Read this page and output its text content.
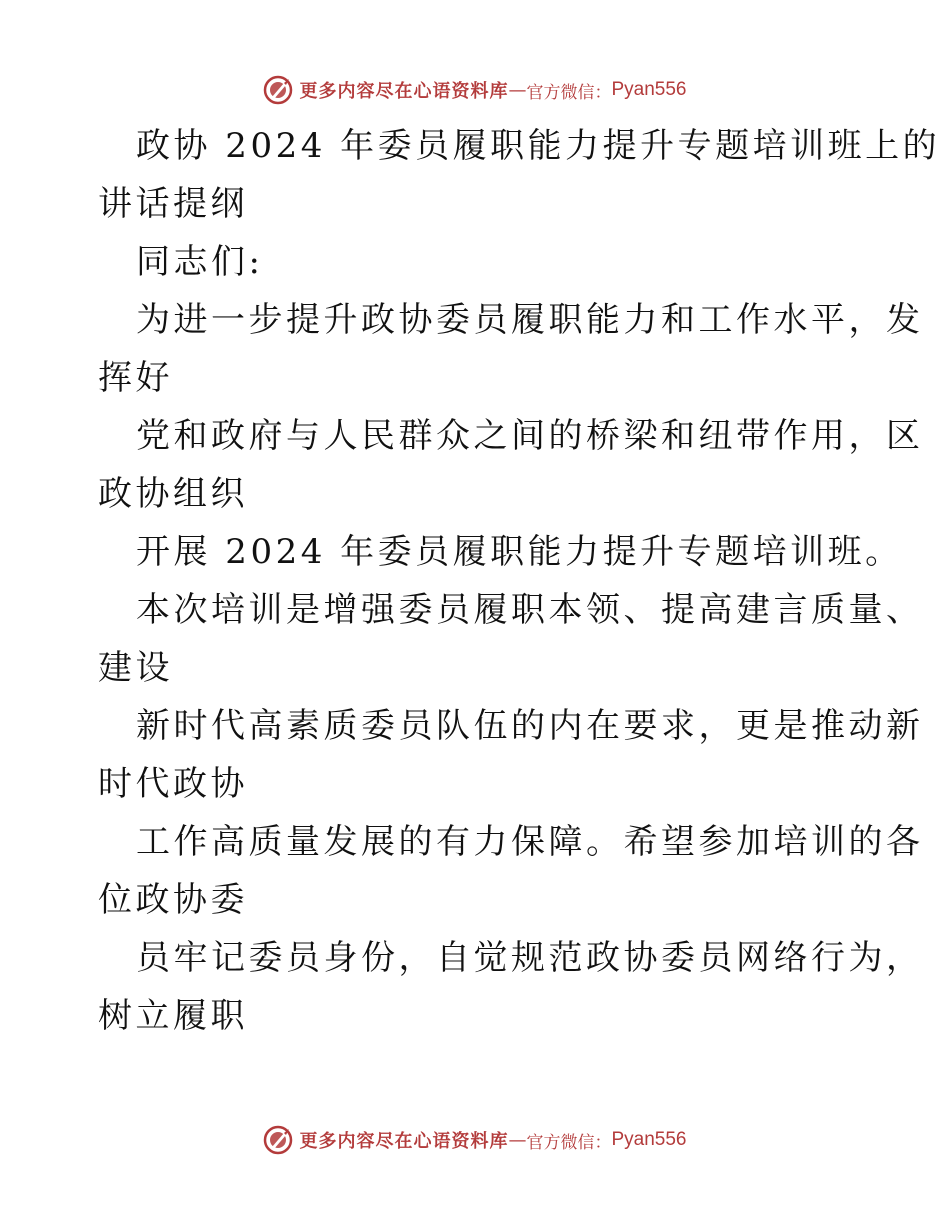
更多内容尽在心语资料库 — 官方微信： Pyan556
政协 2024 年委员履职能力提升专题培训班上的
讲话提纲
同志们:
为进一步提升政协委员履职能力和工作水平，发
挥好
党和政府与人民群众之间的桥梁和纽带作用，区
政协组织
开展 2024 年委员履职能力提升专题培训班。
本次培训是增强委员履职本领、提高建言质量、
建设
新时代高素质委员队伍的内在要求，更是推动新
时代政协
工作高质量发展的有力保障。希望参加培训的各
位政协委
员牢记委员身份，自觉规范政协委员网络行为，
树立履职
更多内容尽在心语资料库 — 官方微信： Pyan556
